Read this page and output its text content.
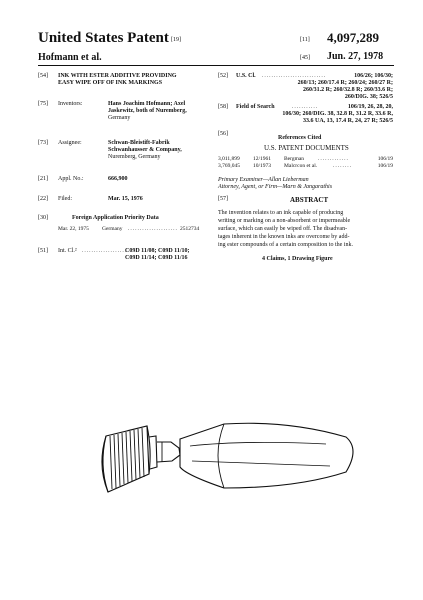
United States Patent [19]	[11] 4,097,289
Hofmann et al.	[45] Jun. 27, 1978
[54] INK WITH ESTER ADDITIVE PROVIDING
EASY WIPE OFF OF INK MARKINGS
[75] Inventors:	Hans Joachim Hofmann; Axel
Jaskewitz, both of Nuremberg,
Germany
[73] Assignee:	Schwan-Bleistift-Fabrik
Schwanhausser & Company,
Nuremberg, Germany
[21] Appl. No.:	666,900
[22] Filed:	Mar. 15, 1976
[30]	Foreign Application Priority Data
Mar. 22, 1975 Germany ..................... 2512734
[51] Int. Cl.² ...................
C09D 11/08; C09D 11/10;
C09D 11/14; C09D 11/16
[52] U.S. Cl. ...........................	106/26; 106/30;
260/13; 260/17.4 R; 260/24; 260/27 R;
260/31.2 R; 260/32.8 R; 260/33.6 R;
260/DIG. 38; 526/5
[58] Field of Search	...........	106/19, 26, 28, 20,
106/30; 260/DIG. 38, 32.8 R, 31.2 R, 33.6 R,
33.6 UA, 13, 17.4 R, 24, 27 R; 526/5
[56]
References Cited
U.S. PATENT DOCUMENTS
3,011,899 12/1961 Bergman	.............	106/19
3,769,045 10/1973 Malcrcon et al.	........	106/19
Primary Examiner—Allan Lieberman
Attorney, Agent, or Firm—Marn & Jangarathis
[57]	ABSTRACT
The invention relates to an ink capable of producing
writing or marking on a non-absorbent or impermeable
surface, which can easily be wiped off. The disadvan-
tages inherent in the known inks are overcome by add-
ing ester compounds of a certain composition to the ink.
4 Claims, 1 Drawing Figure
